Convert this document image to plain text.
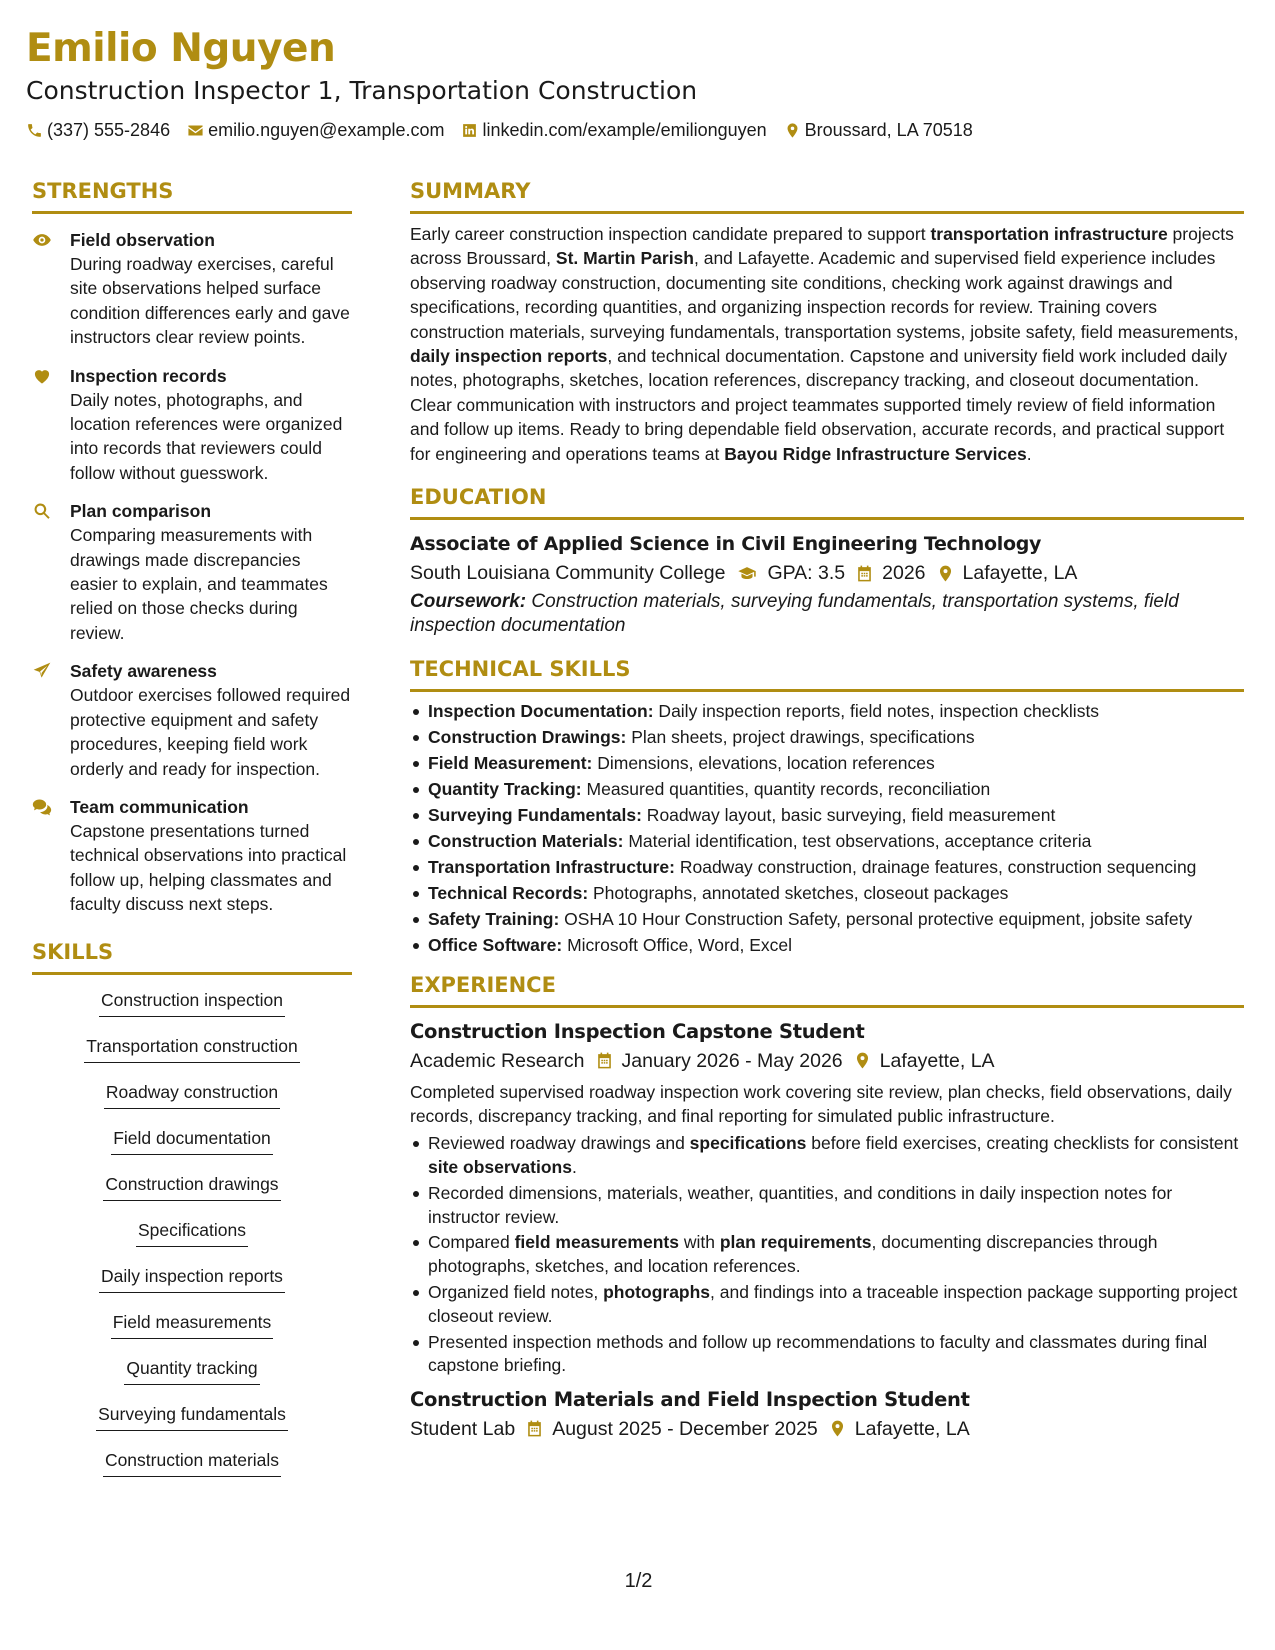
Emilio Nguyen
Construction Inspector 1, Transportation Construction
(337) 555-2846 emilio.nguyen@example.com linkedin.com/example/emilionguyen Broussard, LA 70518
STRENGTHS
Field observation
During roadway exercises, careful site observations helped surface condition differences early and gave instructors clear review points.
Inspection records
Daily notes, photographs, and location references were organized into records that reviewers could follow without guesswork.
Plan comparison
Comparing measurements with drawings made discrepancies easier to explain, and teammates relied on those checks during review.
Safety awareness
Outdoor exercises followed required protective equipment and safety procedures, keeping field work orderly and ready for inspection.
Team communication
Capstone presentations turned technical observations into practical follow up, helping classmates and faculty discuss next steps.
SKILLS
Construction inspection
Transportation construction
Roadway construction
Field documentation
Construction drawings
Specifications
Daily inspection reports
Field measurements
Quantity tracking
Surveying fundamentals
Construction materials
SUMMARY
Early career construction inspection candidate prepared to support transportation infrastructure projects across Broussard, St. Martin Parish, and Lafayette. Academic and supervised field experience includes observing roadway construction, documenting site conditions, checking work against drawings and specifications, recording quantities, and organizing inspection records for review. Training covers construction materials, surveying fundamentals, transportation systems, jobsite safety, field measurements, daily inspection reports, and technical documentation. Capstone and university field work included daily notes, photographs, sketches, location references, discrepancy tracking, and closeout documentation. Clear communication with instructors and project teammates supported timely review of field information and follow up items. Ready to bring dependable field observation, accurate records, and practical support for engineering and operations teams at Bayou Ridge Infrastructure Services.
EDUCATION
Associate of Applied Science in Civil Engineering Technology
South Louisiana Community College GPA: 3.5 2026 Lafayette, LA
Coursework: Construction materials, surveying fundamentals, transportation systems, field inspection documentation
TECHNICAL SKILLS
Inspection Documentation: Daily inspection reports, field notes, inspection checklists
Construction Drawings: Plan sheets, project drawings, specifications
Field Measurement: Dimensions, elevations, location references
Quantity Tracking: Measured quantities, quantity records, reconciliation
Surveying Fundamentals: Roadway layout, basic surveying, field measurement
Construction Materials: Material identification, test observations, acceptance criteria
Transportation Infrastructure: Roadway construction, drainage features, construction sequencing
Technical Records: Photographs, annotated sketches, closeout packages
Safety Training: OSHA 10 Hour Construction Safety, personal protective equipment, jobsite safety
Office Software: Microsoft Office, Word, Excel
EXPERIENCE
Construction Inspection Capstone Student
Academic Research January 2026 - May 2026 Lafayette, LA
Completed supervised roadway inspection work covering site review, plan checks, field observations, daily records, discrepancy tracking, and final reporting for simulated public infrastructure.
Reviewed roadway drawings and specifications before field exercises, creating checklists for consistent site observations.
Recorded dimensions, materials, weather, quantities, and conditions in daily inspection notes for instructor review.
Compared field measurements with plan requirements, documenting discrepancies through photographs, sketches, and location references.
Organized field notes, photographs, and findings into a traceable inspection package supporting project closeout review.
Presented inspection methods and follow up recommendations to faculty and classmates during final capstone briefing.
Construction Materials and Field Inspection Student
Student Lab August 2025 - December 2025 Lafayette, LA
1/2
